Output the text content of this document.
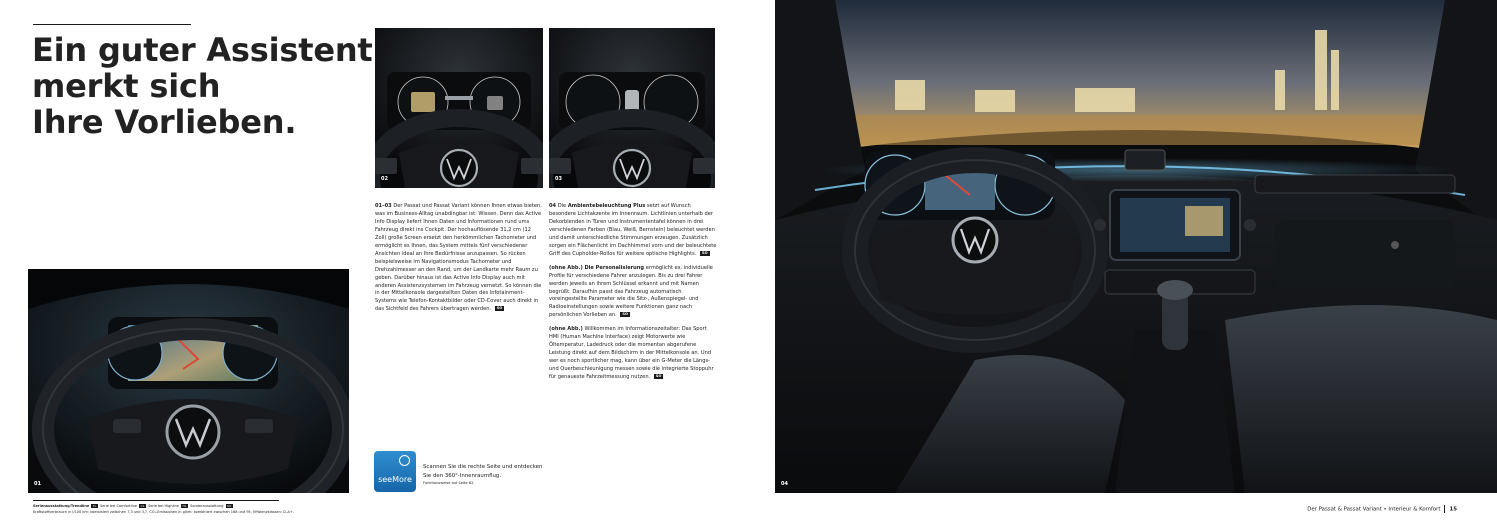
Ein guter Assistent
merkt sich
Ihre Vorlieben.
01
02	03

01–03 Der Passat und Passat Variant können Ihnen etwas bieten, was im Business-Alltag unabdingbar ist: Wissen. Denn das Active Info Display liefert Ihnen Daten und Informationen rund ums Fahrzeug direkt ins Cockpit. Der hochauflösende 31,2 cm (12 Zoll) große Screen ersetzt den herkömmlichen Tachometer und ermöglicht es Ihnen, das System mittels fünf verschiedener Ansichten ideal an Ihre Bedürfnisse anzupassen. So rücken beispielsweise im Navigationsmodus Tachometer und Drehzahlmesser an den Rand, um der Landkarte mehr Raum zu geben. Darüber hinaus ist das Active Info Display auch mit anderen Assistenzsystemen im Fahrzeug vernetzt. So können die in der Mittelkonsole dargestellten Daten des Infotainment-Systems wie Telefon-Kontaktbilder oder CD-Cover auch direkt in das Sichtfeld des Fahrers übertragen werden. SO

04 Die Ambientebeleuchtung Plus setzt auf Wunsch besondere Lichtakzente im Innenraum. Lichtlinien unterhalb der Dekorblenden in Türen und Instrumententafel können in drei verschiedenen Farben (Blau, Weiß, Bernstein) beleuchtet werden und damit unterschiedliche Stimmungen erzeugen. Zusätzlich sorgen ein Flächenlicht im Dachhimmel vorn und der beleuchtete Griff des Cupholder-Rollos für weitere optische Highlights. SO

(ohne Abb.) Die Personalisierung ermöglicht es, individuelle Profile für verschiedene Fahrer anzulegen. Bis zu drei Fahrer werden jeweils an ihrem Schlüssel erkannt und mit Namen begrüßt. Daraufhin passt das Fahrzeug automatisch voreingestellte Parameter wie die Sitz-, Außenspiegel- und Radioeinstellungen sowie weitere Funktionen ganz nach persönlichen Vorlieben an. SO

(ohne Abb.) Willkommen im Informationszeitalter: Das Sport HMI (Human Machine Interface) zeigt Motorwerte wie Öltemperatur, Ladedruck oder die momentan abgerufene Leistung direkt auf dem Bildschirm in der Mittelkonsole an. Und wer es noch sportlicher mag, kann über ein G-Meter die Längs- und Querbeschleunigung messen sowie die integrierte Stoppuhr für genaueste Fahrzeitmessung nutzen. SO

seeMore
Scannen Sie die rechte Seite und entdecken Sie den 360°-Innenraumflug.
Funktionsweise auf Seite 82.
Serienausstattung/Trendline TL Serie bei Comfortline CL Serie bei Highline HL Sonderausstattung SO
Kraftstoffverbrauch in l/100 km: kombiniert zwischen 7,3 und 3,7, CO₂-Emissionen in g/km: kombiniert zwischen 168 und 95, Effizienzklassen: D–A+.
04
Der Passat & Passat Variant • Interieur & Komfort 15
